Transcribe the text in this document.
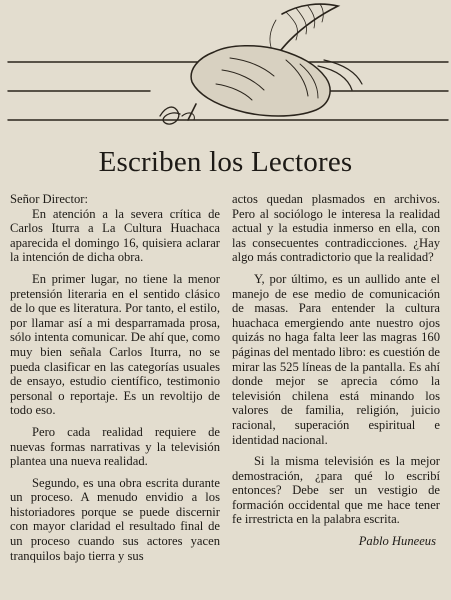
Escriben los Lectores

Señor Director:

En atención a la severa crítica de Carlos Iturra a La Cultura Huachaca aparecida el domingo 16, quisiera aclarar la intención de dicha obra.

En primer lugar, no tiene la menor pretensión literaria en el sentido clásico de lo que es literatura. Por tanto, el estilo, por llamar así a mi desparramada prosa, sólo intenta comunicar. De ahí que, como muy bien señala Carlos Iturra, no se pueda clasificar en las categorías usuales de ensayo, estudio científico, testimonio personal o reportaje. Es un revoltijo de todo eso.

Pero cada realidad requiere de nuevas formas narrativas y la televisión plantea una nueva realidad.

Segundo, es una obra escrita durante un proceso. A menudo envidio a los historiadores porque se puede discernir con mayor claridad el resultado final de un proceso cuando sus actores yacen tranquilos bajo tierra y sus

actos quedan plasmados en archivos. Pero al sociólogo le interesa la realidad actual y la estudia inmerso en ella, con las consecuentes contradicciones. ¿Hay algo más contradictorio que la realidad?

Y, por último, es un aullido ante el manejo de ese medio de comunicación de masas. Para entender la cultura huachaca emergiendo ante nuestro ojos quizás no haga falta leer las magras 160 páginas del mentado libro: es cuestión de mirar las 525 líneas de la pantalla. Es ahí donde mejor se aprecia cómo la televisión chilena está minando los valores de familia, religión, juicio racional, superación espiritual e identidad nacional.

Si la misma televisión es la mejor demostración, ¿para qué lo escribí entonces? Debe ser un vestigio de formación occidental que me hace tener fe irrestricta en la palabra escrita.

Pablo Huneeus
